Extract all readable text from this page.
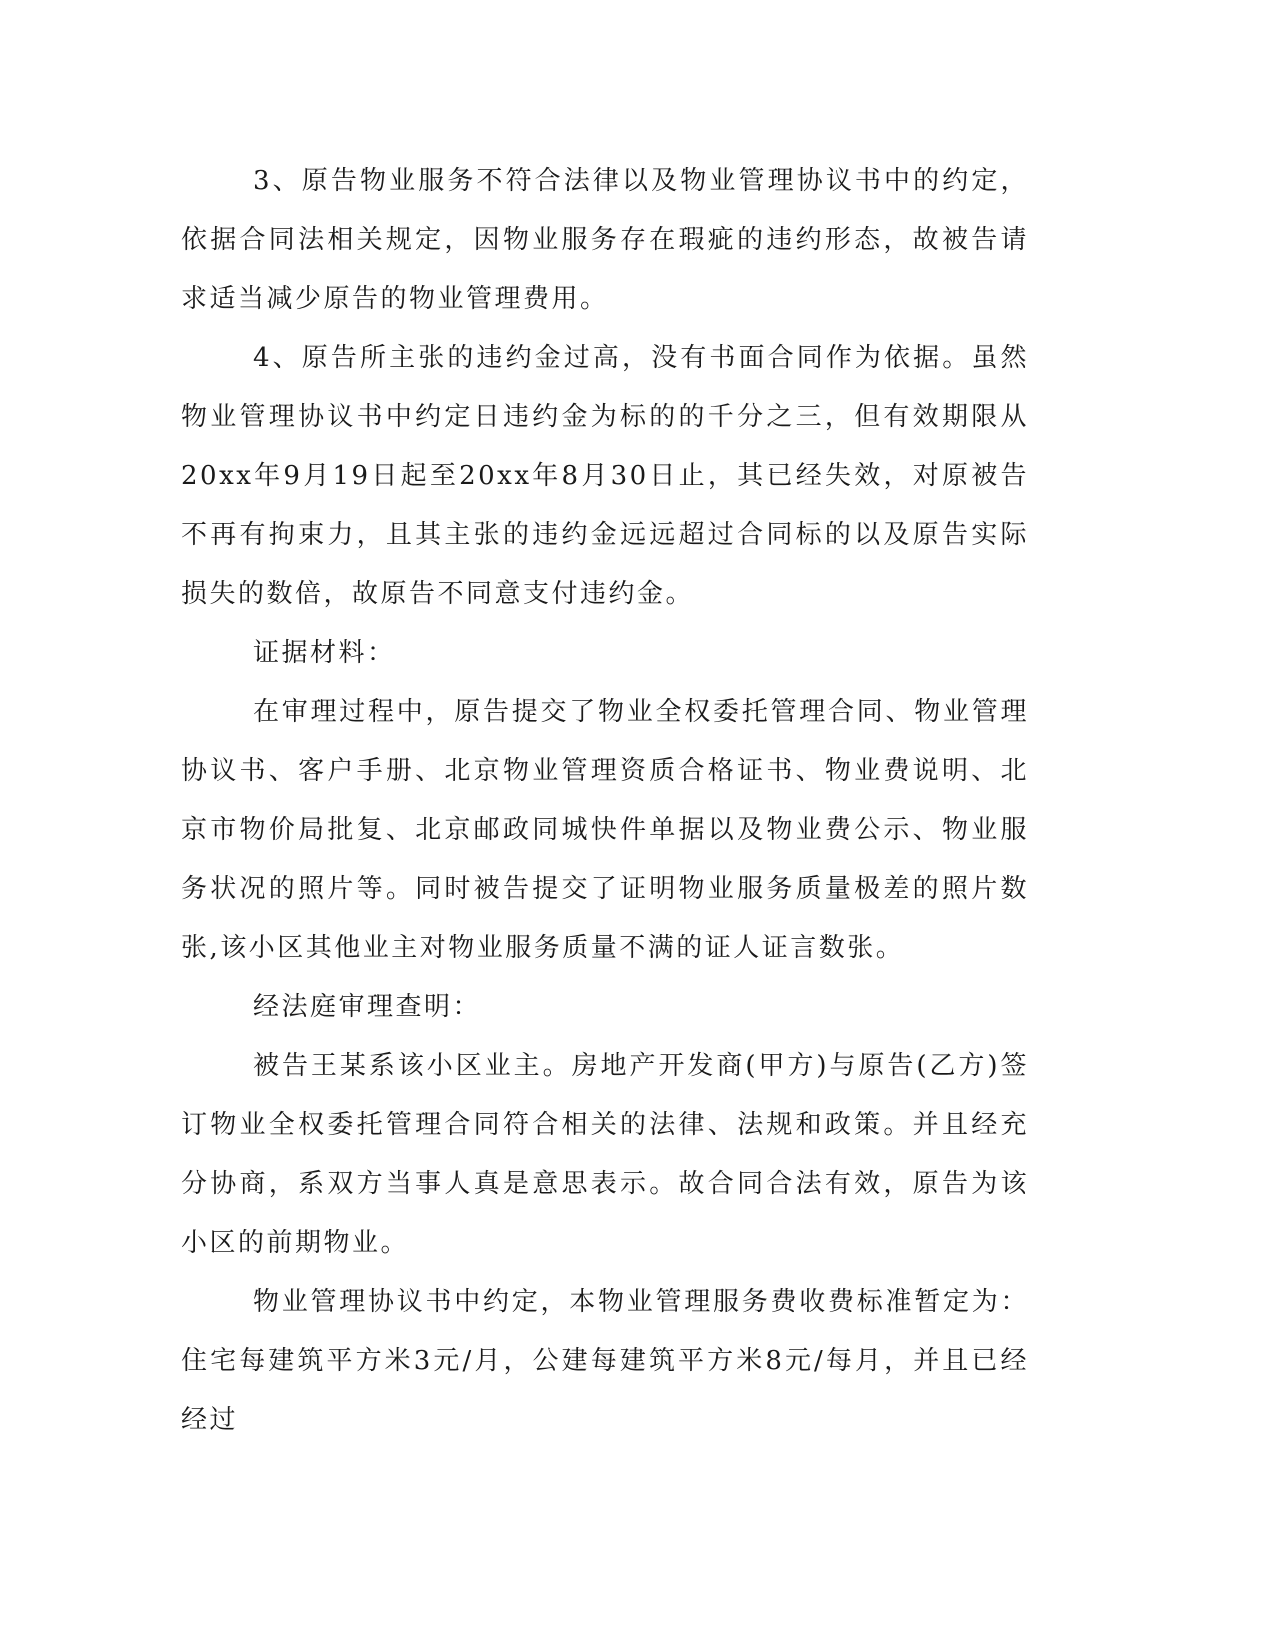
3、原告物业服务不符合法律以及物业管理协议书中的约定，依据合同法相关规定，因物业服务存在瑕疵的违约形态，故被告请求适当减少原告的物业管理费用。

4、原告所主张的违约金过高，没有书面合同作为依据。虽然物业管理协议书中约定日违约金为标的的千分之三，但有效期限从20xx年9月19日起至20xx年8月30日止，其已经失效，对原被告不再有拘束力，且其主张的违约金远远超过合同标的以及原告实际损失的数倍，故原告不同意支付违约金。

证据材料：

在审理过程中，原告提交了物业全权委托管理合同、物业管理协议书、客户手册、北京物业管理资质合格证书、物业费说明、北京市物价局批复、北京邮政同城快件单据以及物业费公示、物业服务状况的照片等。同时被告提交了证明物业服务质量极差的照片数张,该小区其他业主对物业服务质量不满的证人证言数张。

经法庭审理查明：

被告王某系该小区业主。房地产开发商(甲方)与原告(乙方)签订物业全权委托管理合同符合相关的法律、法规和政策。并且经充分协商，系双方当事人真是意思表示。故合同合法有效，原告为该小区的前期物业。

物业管理协议书中约定，本物业管理服务费收费标准暂定为：住宅每建筑平方米3元/月，公建每建筑平方米8元/每月，并且已经经过
